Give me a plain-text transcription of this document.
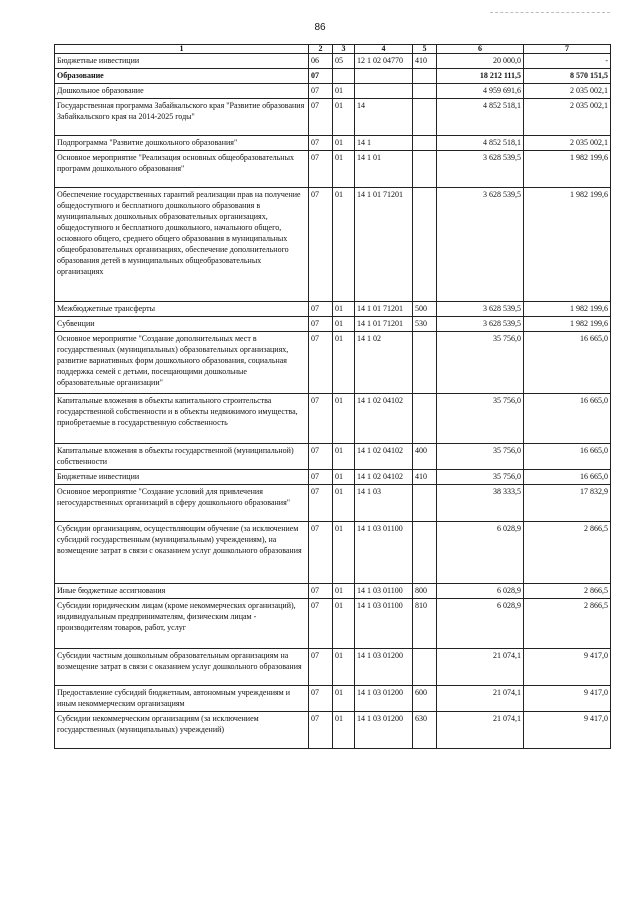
86
1	2	3	4	5	6	7
Бюджетные инвестиции	06	05	12 1 02 04770	410	20 000,0	-
Образование	07				18 212 111,5	8 570 151,5
Дошкольное образование	07	01			4 959 691,6	2 035 002,1
Государственная программа Забайкальского края "Развитие образования Забайкальского края на 2014-2025 годы"	07	01	14		4 852 518,1	2 035 002,1
Подпрограмма "Развитие дошкольного образования"	07	01	14 1		4 852 518,1	2 035 002,1
Основное мероприятие "Реализация основных общеобразовательных программ дошкольного образования"	07	01	14 1 01		3 628 539,5	1 982 199,6
Обеспечение государственных гарантий реализации прав на получение общедоступного и бесплатного дошкольного образования в муниципальных дошкольных образовательных организациях, общедоступного и бесплатного дошкольного, начального общего, основного общего, среднего общего образования в муниципальных общеобразовательных организациях, обеспечение дополнительного образования детей в муниципальных общеобразовательных организациях	07	01	14 1 01 71201		3 628 539,5	1 982 199,6
Межбюджетные трансферты	07	01	14 1 01 71201	500	3 628 539,5	1 982 199,6
Субвенции	07	01	14 1 01 71201	530	3 628 539,5	1 982 199,6
Основное мероприятие "Создание дополнительных мест в государственных (муниципальных) образовательных организациях, развитие вариативных форм дошкольного образования, социальная поддержка семей с детьми, посещающими дошкольные образовательные организации"	07	01	14 1 02		35 756,0	16 665,0
Капитальные вложения в объекты капитального строительства государственной собственности и в объекты недвижимого имущества, приобретаемые в государственную собственность	07	01	14 1 02 04102		35 756,0	16 665,0
Капитальные вложения в объекты государственной (муниципальной) собственности	07	01	14 1 02 04102	400	35 756,0	16 665,0
Бюджетные инвестиции	07	01	14 1 02 04102	410	35 756,0	16 665,0
Основное мероприятие "Создание условий для привлечения негосударственных организаций в сферу дошкольного образования"	07	01	14 1 03		38 333,5	17 832,9
Субсидии организациям, осуществляющим обучение (за исключением субсидий государственным (муниципальным) учреждениям), на возмещение затрат в связи с оказанием услуг дошкольного образования	07	01	14 1 03 01100		6 028,9	2 866,5
Иные бюджетные ассигнования	07	01	14 1 03 01100	800	6 028,9	2 866,5
Субсидии юридическим лицам (кроме некоммерческих организаций), индивидуальным предпринимателям, физическим лицам - производителям товаров, работ, услуг	07	01	14 1 03 01100	810	6 028,9	2 866,5
Субсидии частным дошкольным образовательным организациям на возмещение затрат в связи с оказанием услуг дошкольного образования	07	01	14 1 03 01200		21 074,1	9 417,0
Предоставление субсидий бюджетным, автономным учреждениям и иным некоммерческим организациям	07	01	14 1 03 01200	600	21 074,1	9 417,0
Субсидии некоммерческим организациям (за исключением государственных (муниципальных) учреждений)	07	01	14 1 03 01200	630	21 074,1	9 417,0
